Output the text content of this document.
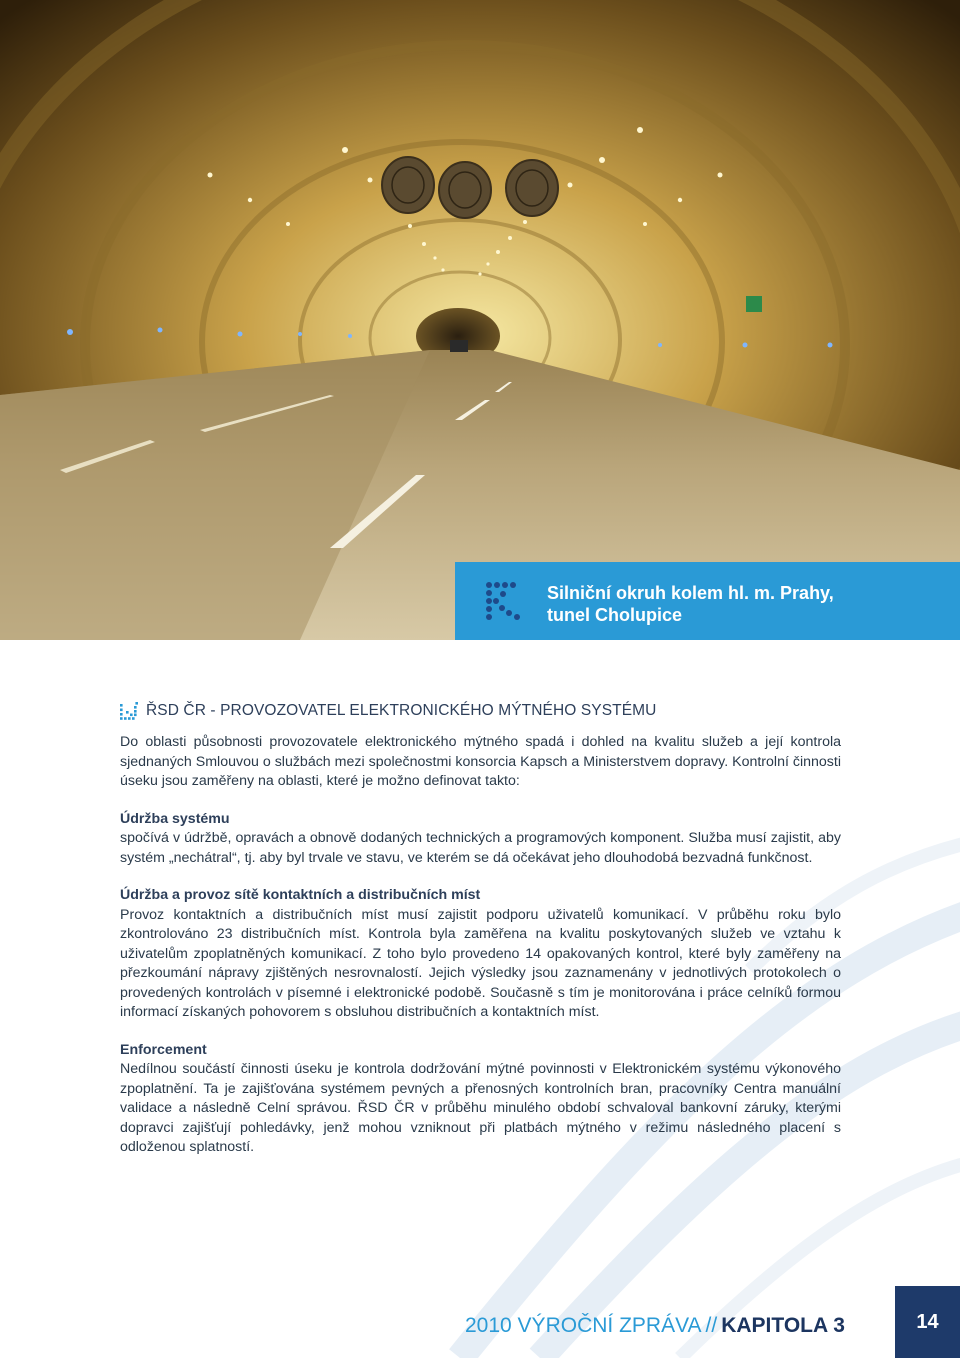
Silniční okruh kolem hl. m. Prahy,
tunel Cholupice
ŘSD ČR - PROVOZOVATEL ELEKTRONICKÉHO MÝTNÉHO SYSTÉMU

Do oblasti působnosti provozovatele elektronického mýtného spadá i dohled na kvalitu služeb a její kontrola sjednaných Smlouvou o službách mezi společnostmi konsorcia Kapsch a Ministerstvem dopravy. Kontrolní činnosti úseku jsou zaměřeny na oblasti, které je možno definovat takto:

Údržba systému

spočívá v údržbě, opravách a obnově dodaných technických a programových komponent. Služba musí zajistit, aby systém „nechátral“, tj. aby byl trvale ve stavu, ve kterém se dá očekávat jeho dlouhodobá bezvadná funkčnost.

Údržba a provoz sítě kontaktních a distribučních míst

Provoz kontaktních a distribučních míst musí zajistit podporu uživatelů komunikací. V průběhu roku bylo zkontrolováno 23 distribučních míst. Kontrola byla zaměřena na kvalitu poskytovaných služeb ve vztahu k uživatelům zpoplatněných komunikací. Z toho bylo provedeno 14 opakovaných kontrol, které byly zaměřeny na přezkoumání nápravy zjištěných nesrovnalostí. Jejich výsledky jsou zaznamenány v jednotlivých protokolech o provedených kontrolách v písemné i elektronické podobě. Současně s tím je monitorována i práce celníků formou informací získaných pohovorem s obsluhou distribučních a kontaktních míst.

Enforcement

Nedílnou součástí činnosti úseku je kontrola dodržování mýtné povinnosti v Elektronickém systému výkonového zpoplatnění. Ta je zajišťována systémem pevných a přenosných kontrolních bran, pracovníky Centra manuální validace a následně Celní správou. ŘSD ČR v průběhu minulého období schvaloval bankovní záruky, kterými dopravci zajišťují pohledávky, jenž mohou vzniknout při platbách mýtného v režimu následného placení s odloženou splatností.

2010 VÝROČNÍ ZPRÁVA // KAPITOLA 3	14
